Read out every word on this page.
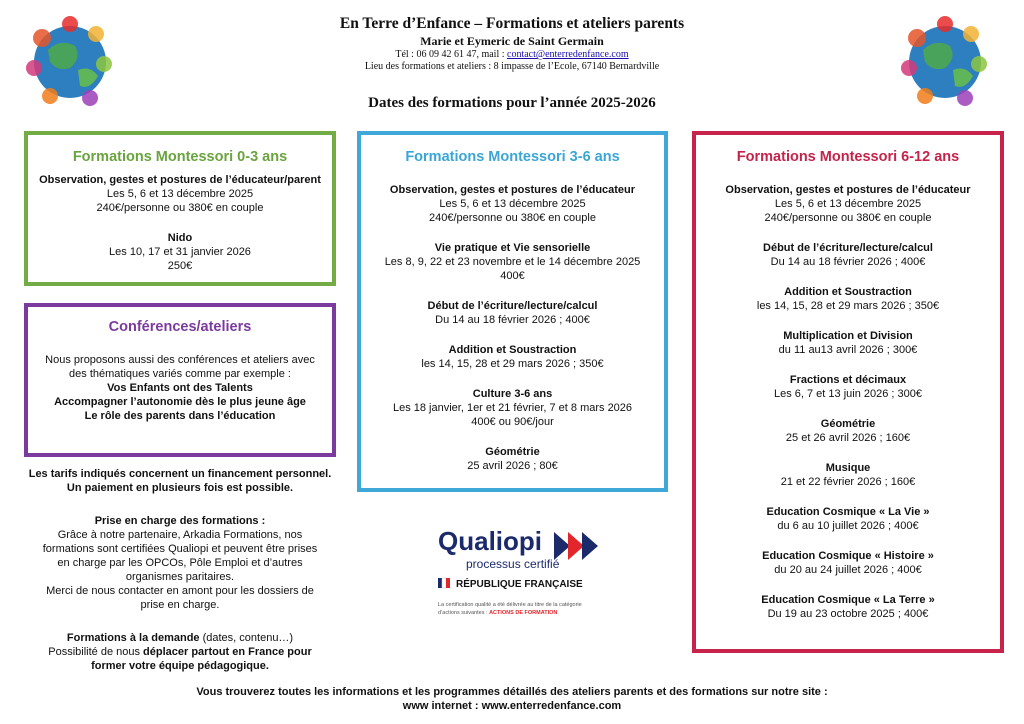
En Terre d’Enfance – Formations et ateliers parents
Marie et Eymeric de Saint Germain
Tél : 06 09 42 61 47, mail : contact@enterredenfance.com
Lieu des formations et ateliers : 8 impasse de l’Ecole, 67140 Bernardville
Dates des formations pour l’année 2025-2026
Formations Montessori 0-3 ans
Observation, gestes et postures de l’éducateur/parent
Les 5, 6 et 13 décembre 2025
240€/personne ou 380€ en couple
Nido
Les 10, 17 et 31 janvier 2026
250€
Conférences/ateliers
Nous proposons aussi des conférences et ateliers avec
des thématiques variés comme par exemple :
Vos Enfants ont des Talents
Accompagner l’autonomie dès le plus jeune âge
Le rôle des parents dans l’éducation
Les tarifs indiqués concernent un financement personnel.
Un paiement en plusieurs fois est possible.
Prise en charge des formations :
Grâce à notre partenaire, Arkadia Formations, nos
formations sont certifiées Qualiopi et peuvent être prises
en charge par les OPCOs, Pôle Emploi et d’autres
organismes paritaires.
Merci de nous contacter en amont pour les dossiers de
prise en charge.
Formations à la demande (dates, contenu…)
Possibilité de nous déplacer partout en France pour
former votre équipe pédagogique.
Formations Montessori 3-6 ans
Observation, gestes et postures de l’éducateur
Les 5, 6 et 13 décembre 2025
240€/personne ou 380€ en couple
Vie pratique et Vie sensorielle
Les 8, 9, 22 et 23 novembre et le 14 décembre 2025
400€
Début de l’écriture/lecture/calcul
Du 14 au 18 février 2026 ; 400€
Addition et Soustraction
les 14, 15, 28 et 29 mars 2026 ; 350€
Culture 3-6 ans
Les 18 janvier, 1er et 21 février, 7 et 8 mars 2026
400€ ou 90€/jour
Géométrie
25 avril 2026 ; 80€
Qualiopi
processus certifié
RÉPUBLIQUE FRANÇAISE
La certification qualité a été délivrée au titre de la catégorie
d’actions suivantes : ACTIONS DE FORMATION
Formations Montessori 6-12 ans
Observation, gestes et postures de l’éducateur
Les 5, 6 et 13 décembre 2025
240€/personne ou 380€ en couple
Début de l’écriture/lecture/calcul
Du 14 au 18 février 2026 ; 400€
Addition et Soustraction
les 14, 15, 28 et 29 mars 2026 ; 350€
Multiplication et Division
du 11 au13 avril 2026 ; 300€
Fractions et décimaux
Les 6, 7 et 13 juin 2026 ; 300€
Géométrie
25 et 26 avril 2026 ; 160€
Musique
21 et 22 février 2026 ; 160€
Education Cosmique « La Vie »
du 6 au 10 juillet 2026 ; 400€
Education Cosmique « Histoire »
du 20 au 24 juillet 2026 ; 400€
Education Cosmique « La Terre »
Du 19 au 23 octobre 2025 ; 400€
Vous trouverez toutes les informations et les programmes détaillés des ateliers parents et des formations sur notre site :
www internet : www.enterredenfance.com
